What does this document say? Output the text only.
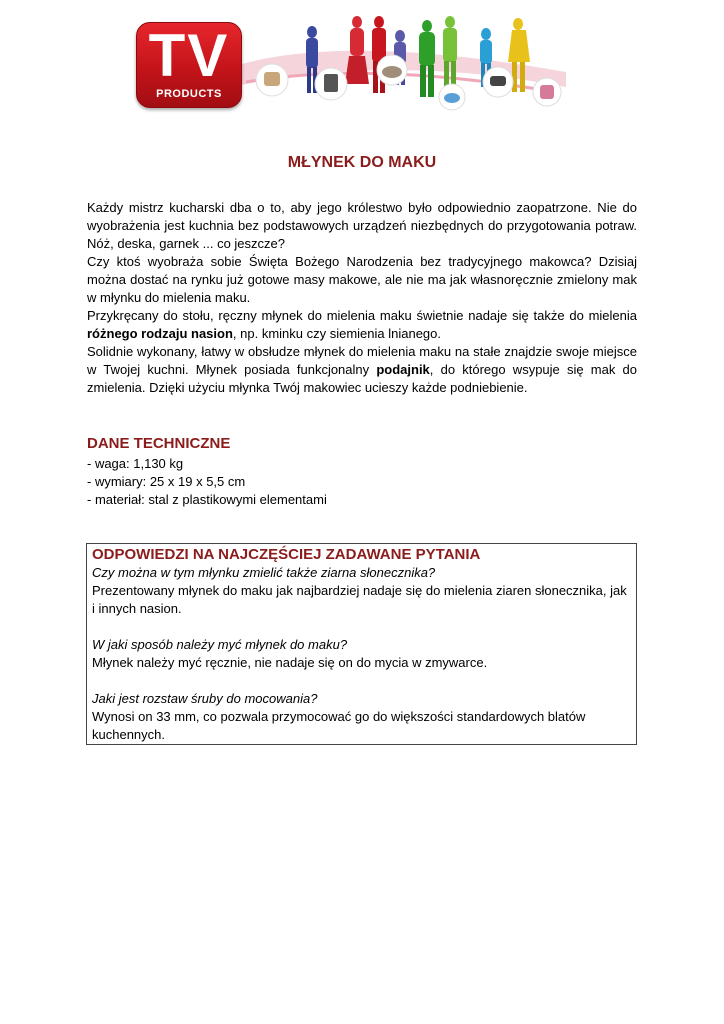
TV
PRODUCTS
MŁYNEK DO MAKU

Każdy mistrz kucharski dba o to, aby jego królestwo było odpowiednio zaopatrzone. Nie do wyobrażenia jest kuchnia bez podstawowych urządzeń niezbędnych do przygotowania potraw. Nóż, deska, garnek ... co jeszcze?

Czy ktoś wyobraża sobie Święta Bożego Narodzenia bez tradycyjnego makowca? Dzisiaj można dostać na rynku już gotowe masy makowe, ale nie ma jak własnoręcznie zmielony mak w młynku do mielenia maku.

Przykręcany do stołu, ręczny młynek do mielenia maku świetnie nadaje się także do mielenia różnego rodzaju nasion, np. kminku czy siemienia lnianego.

Solidnie wykonany, łatwy w obsłudze młynek do mielenia maku na stałe znajdzie swoje miejsce w Twojej kuchni. Młynek posiada funkcjonalny podajnik, do którego wsypuje się mak do zmielenia. Dzięki użyciu młynka Twój makowiec ucieszy każde podniebienie.

DANE TECHNICZNE
- waga: 1,130 kg
- wymiary: 25 x 19 x 5,5 cm
- materiał: stal z plastikowymi elementami
ODPOWIEDZI NA NAJCZĘŚCIEJ ZADAWANE PYTANIA
Czy można w tym młynku zmielić także ziarna słonecznika?
Prezentowany młynek do maku jak najbardziej nadaje się do mielenia ziaren słonecznika, jak i innych nasion.
W jaki sposób należy myć młynek do maku?
Młynek należy myć ręcznie, nie nadaje się on do mycia w zmywarce.
Jaki jest rozstaw śruby do mocowania?
Wynosi on 33 mm, co pozwala przymocować go do większości standardowych blatów kuchennych.
